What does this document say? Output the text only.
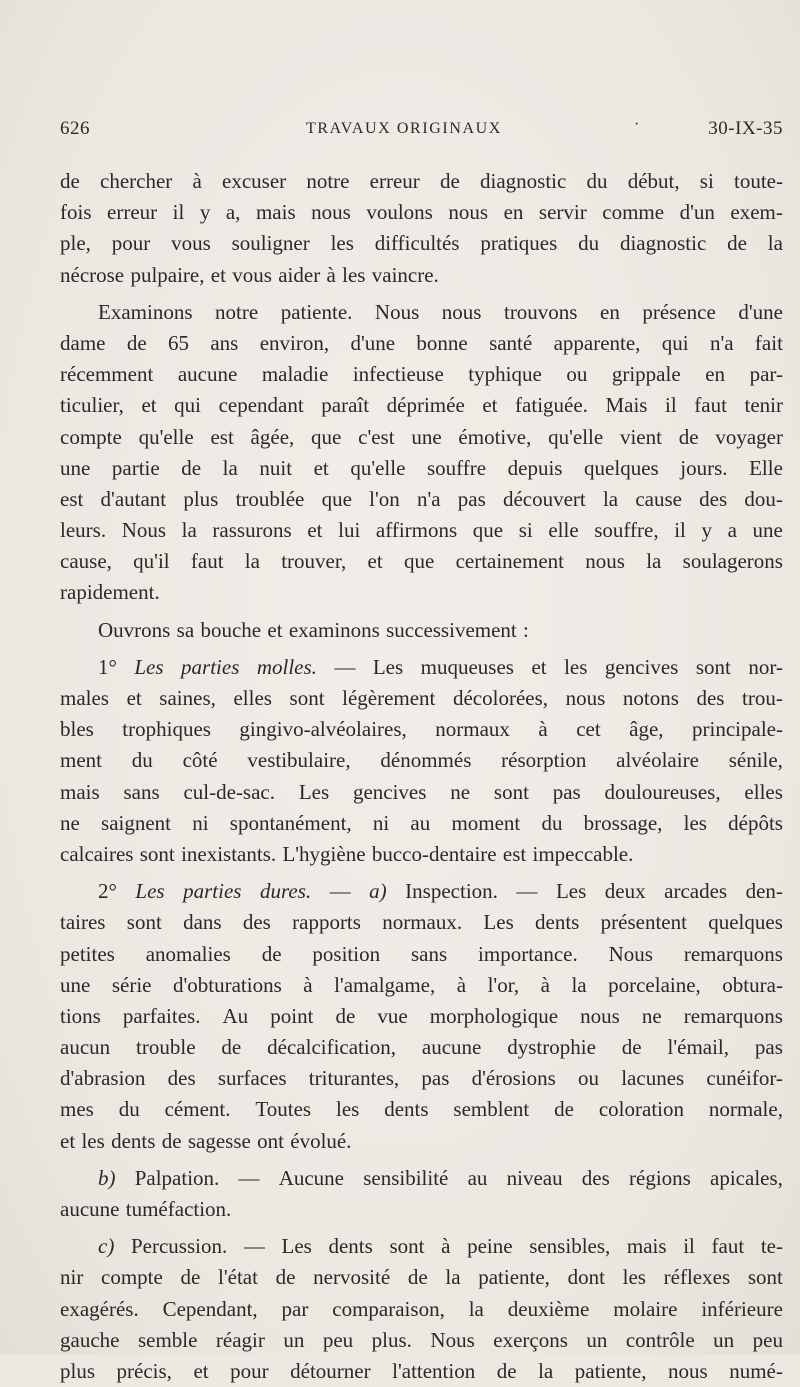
626	TRAVAUX ORIGINAUX	·	30-IX-35
de chercher à excuser notre erreur de diagnostic du début, si toute-
fois erreur il y a, mais nous voulons nous en servir comme d'un exem-
ple, pour vous souligner les difficultés pratiques du diagnostic de la
nécrose pulpaire, et vous aider à les vaincre.
Examinons notre patiente. Nous nous trouvons en présence d'une
dame de 65 ans environ, d'une bonne santé apparente, qui n'a fait
récemment aucune maladie infectieuse typhique ou grippale en par-
ticulier, et qui cependant paraît déprimée et fatiguée. Mais il faut tenir
compte qu'elle est âgée, que c'est une émotive, qu'elle vient de voyager
une partie de la nuit et qu'elle souffre depuis quelques jours. Elle
est d'autant plus troublée que l'on n'a pas découvert la cause des dou-
leurs. Nous la rassurons et lui affirmons que si elle souffre, il y a une
cause, qu'il faut la trouver, et que certainement nous la soulagerons
rapidement.
Ouvrons sa bouche et examinons successivement :
1° Les parties molles. — Les muqueuses et les gencives sont nor-
males et saines, elles sont légèrement décolorées, nous notons des trou-
bles trophiques gingivo-alvéolaires, normaux à cet âge, principale-
ment du côté vestibulaire, dénommés résorption alvéolaire sénile,
mais sans cul-de-sac. Les gencives ne sont pas douloureuses, elles
ne saignent ni spontanément, ni au moment du brossage, les dépôts
calcaires sont inexistants. L'hygiène bucco-dentaire est impeccable.
2° Les parties dures. — a) Inspection. — Les deux arcades den-
taires sont dans des rapports normaux. Les dents présentent quelques
petites anomalies de position sans importance. Nous remarquons
une série d'obturations à l'amalgame, à l'or, à la porcelaine, obtura-
tions parfaites. Au point de vue morphologique nous ne remarquons
aucun trouble de décalcification, aucune dystrophie de l'émail, pas
d'abrasion des surfaces triturantes, pas d'érosions ou lacunes cunéifor-
mes du cément. Toutes les dents semblent de coloration normale,
et les dents de sagesse ont évolué.
b) Palpation. — Aucune sensibilité au niveau des régions apicales,
aucune tuméfaction.
c) Percussion. — Les dents sont à peine sensibles, mais il faut te-
nir compte de l'état de nervosité de la patiente, dont les réflexes sont
exagérés. Cependant, par comparaison, la deuxième molaire inférieure
gauche semble réagir un peu plus. Nous exerçons un contrôle un peu
plus précis, et pour détourner l'attention de la patiente, nous numé-
